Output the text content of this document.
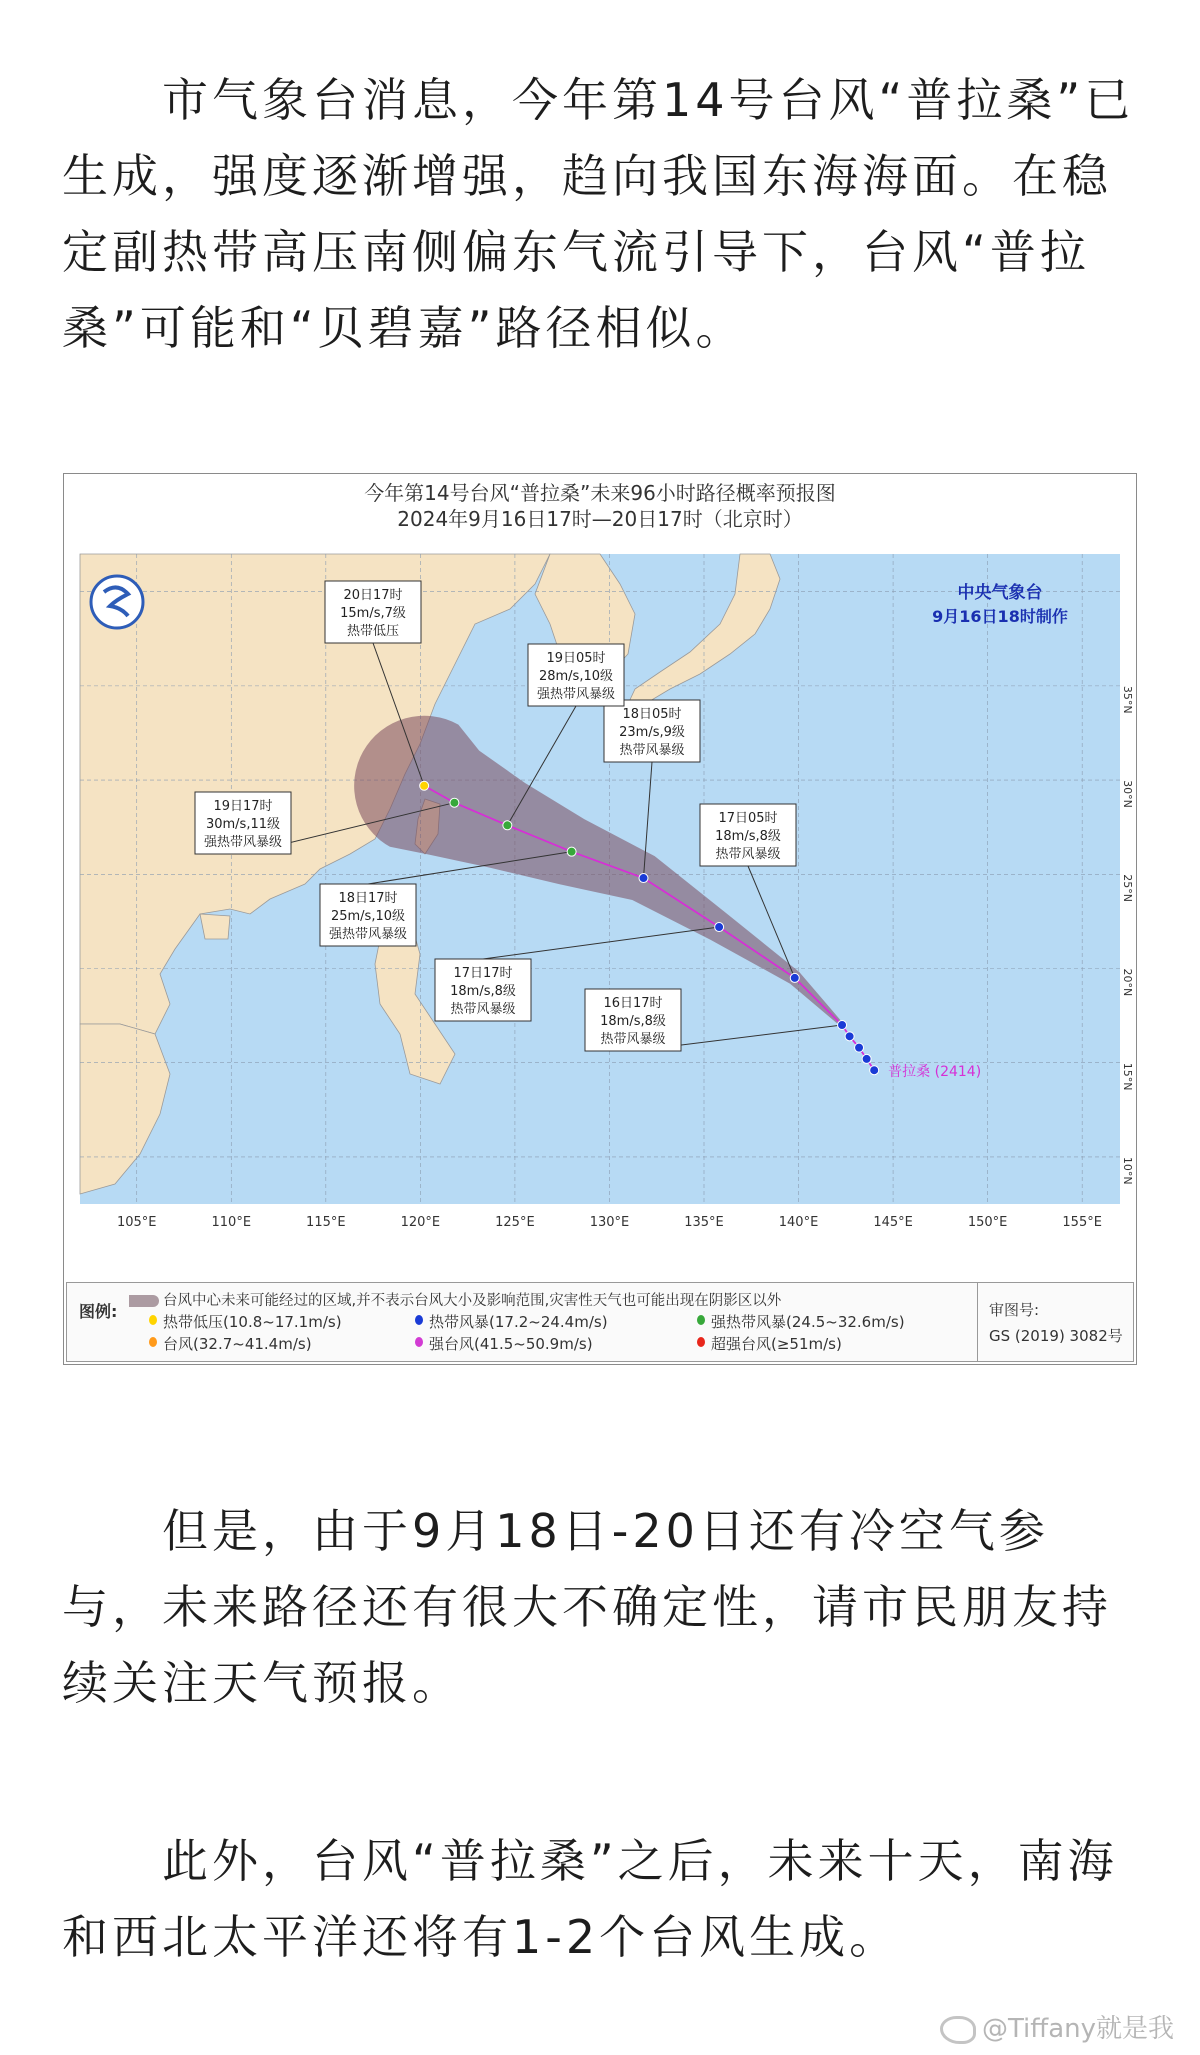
市气象台消息，今年第14号台风“普拉桑”已生成，强度逐渐增强，趋向我国东海海面。在稳定副热带高压南侧偏东气流引导下，台风“普拉桑”可能和“贝碧嘉”路径相似。

今年第14号台风“普拉桑”未来96小时路径概率预报图
2024年9月16日17时—20日17时（北京时）
16日17时
18m/s,8级
热带风暴级
17日05时
18m/s,8级
热带风暴级
17日17时
18m/s,8级
热带风暴级
18日05时
23m/s,9级
热带风暴级
18日17时
25m/s,10级
强热带风暴级
19日05时
28m/s,10级
强热带风暴级
19日17时
30m/s,11级
强热带风暴级
20日17时
15m/s,7级
热带低压
105°E	110°E	115°E	120°E	125°E	130°E	135°E	140°E	145°E	150°E	155°E
35°N
30°N
25°N
20°N
15°N
10°N
中央气象台
9月16日18时制作
普拉桑 (2414)
图例:
台风中心未来可能经过的区域,并不表示台风大小及影响范围,灾害性天气也可能出现在阴影区以外
热带低压(10.8~17.1m/s)	热带风暴(17.2~24.4m/s)	强热带风暴(24.5~32.6m/s)
台风(32.7~41.4m/s)	强台风(41.5~50.9m/s)	超强台风(≥51m/s)
审图号:
GS (2019) 3082号

但是，由于9月18日-20日还有冷空气参与，未来路径还有很大不确定性，请市民朋友持续关注天气预报。

此外，台风“普拉桑”之后，未来十天，南海和西北太平洋还将有1-2个台风生成。

@Tiffany就是我
